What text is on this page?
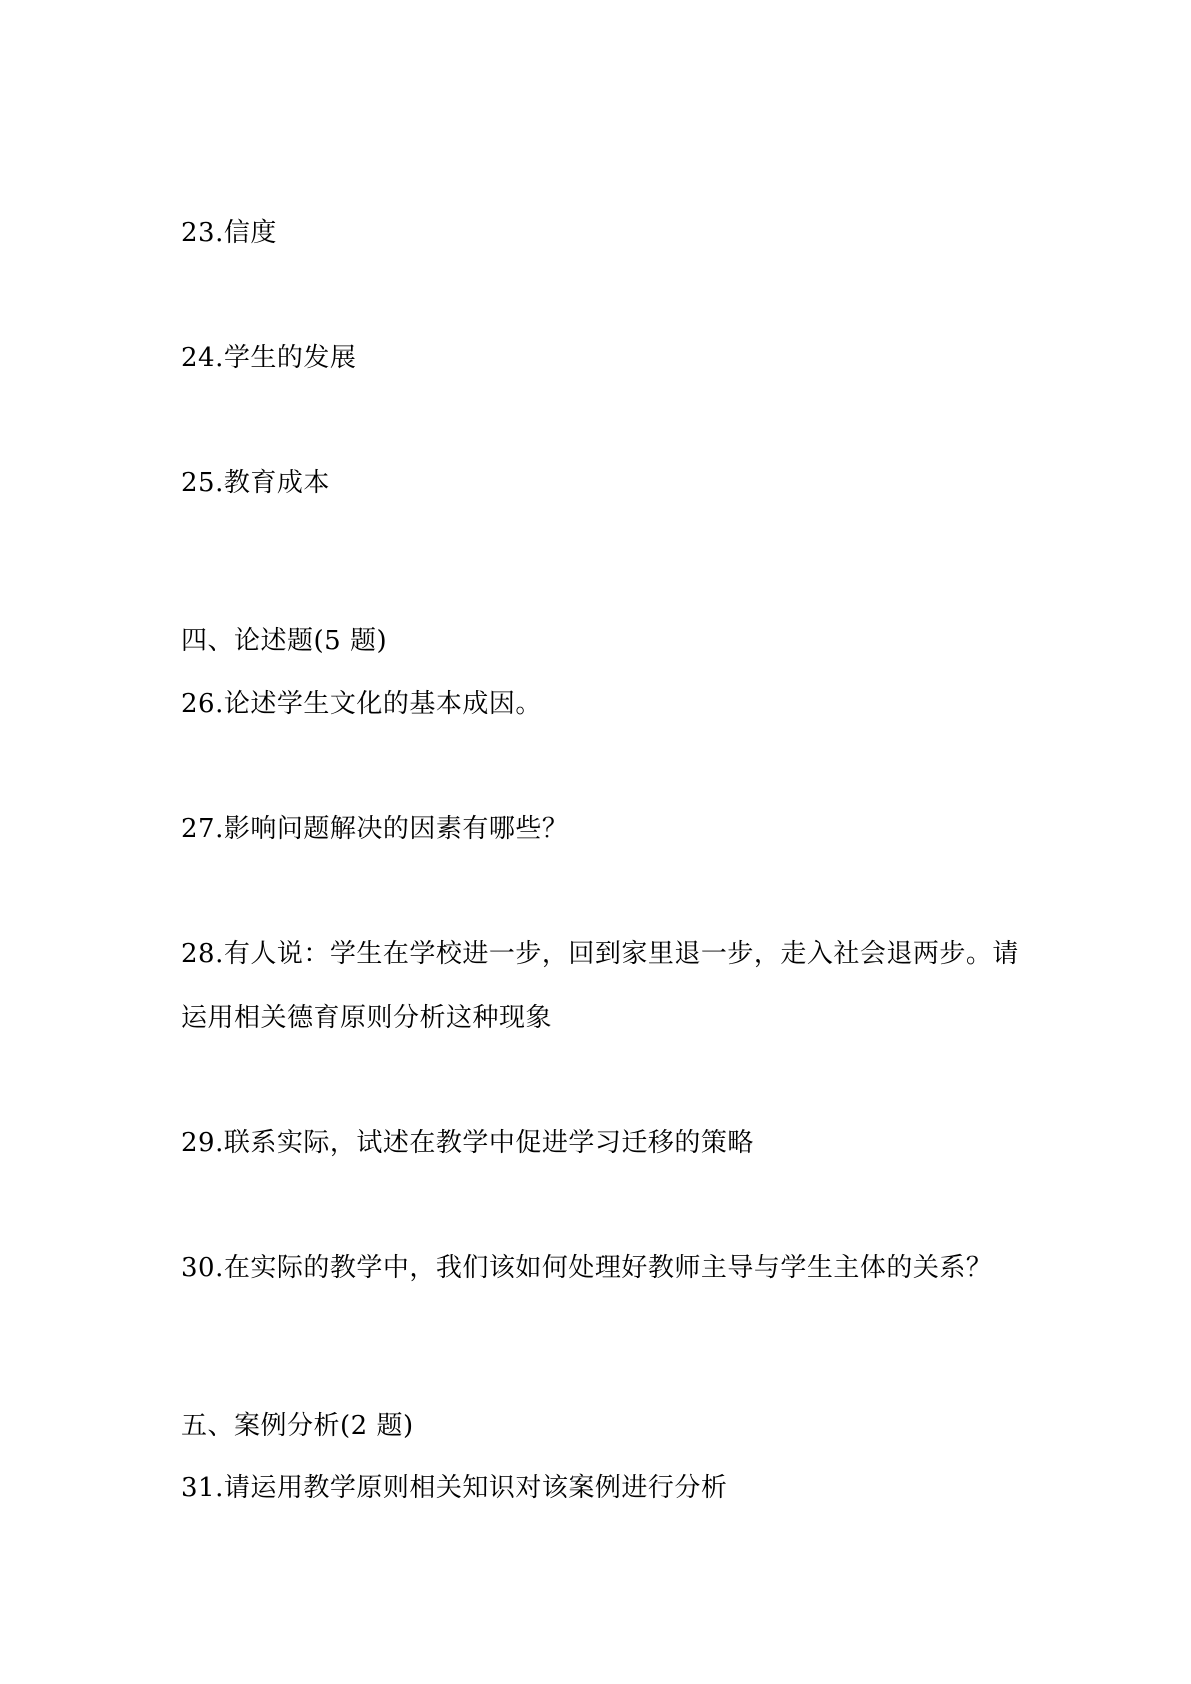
23.信度
24.学生的发展
25.教育成本
四、论述题(5 题)
26.论述学生文化的基本成因。
27.影响问题解决的因素有哪些？
28.有人说：学生在学校进一步，回到家里退一步，走入社会退两步。请
运用相关德育原则分析这种现象
29.联系实际，试述在教学中促进学习迁移的策略
30.在实际的教学中，我们该如何处理好教师主导与学生主体的关系？
五、案例分析(2 题)
31.请运用教学原则相关知识对该案例进行分析
